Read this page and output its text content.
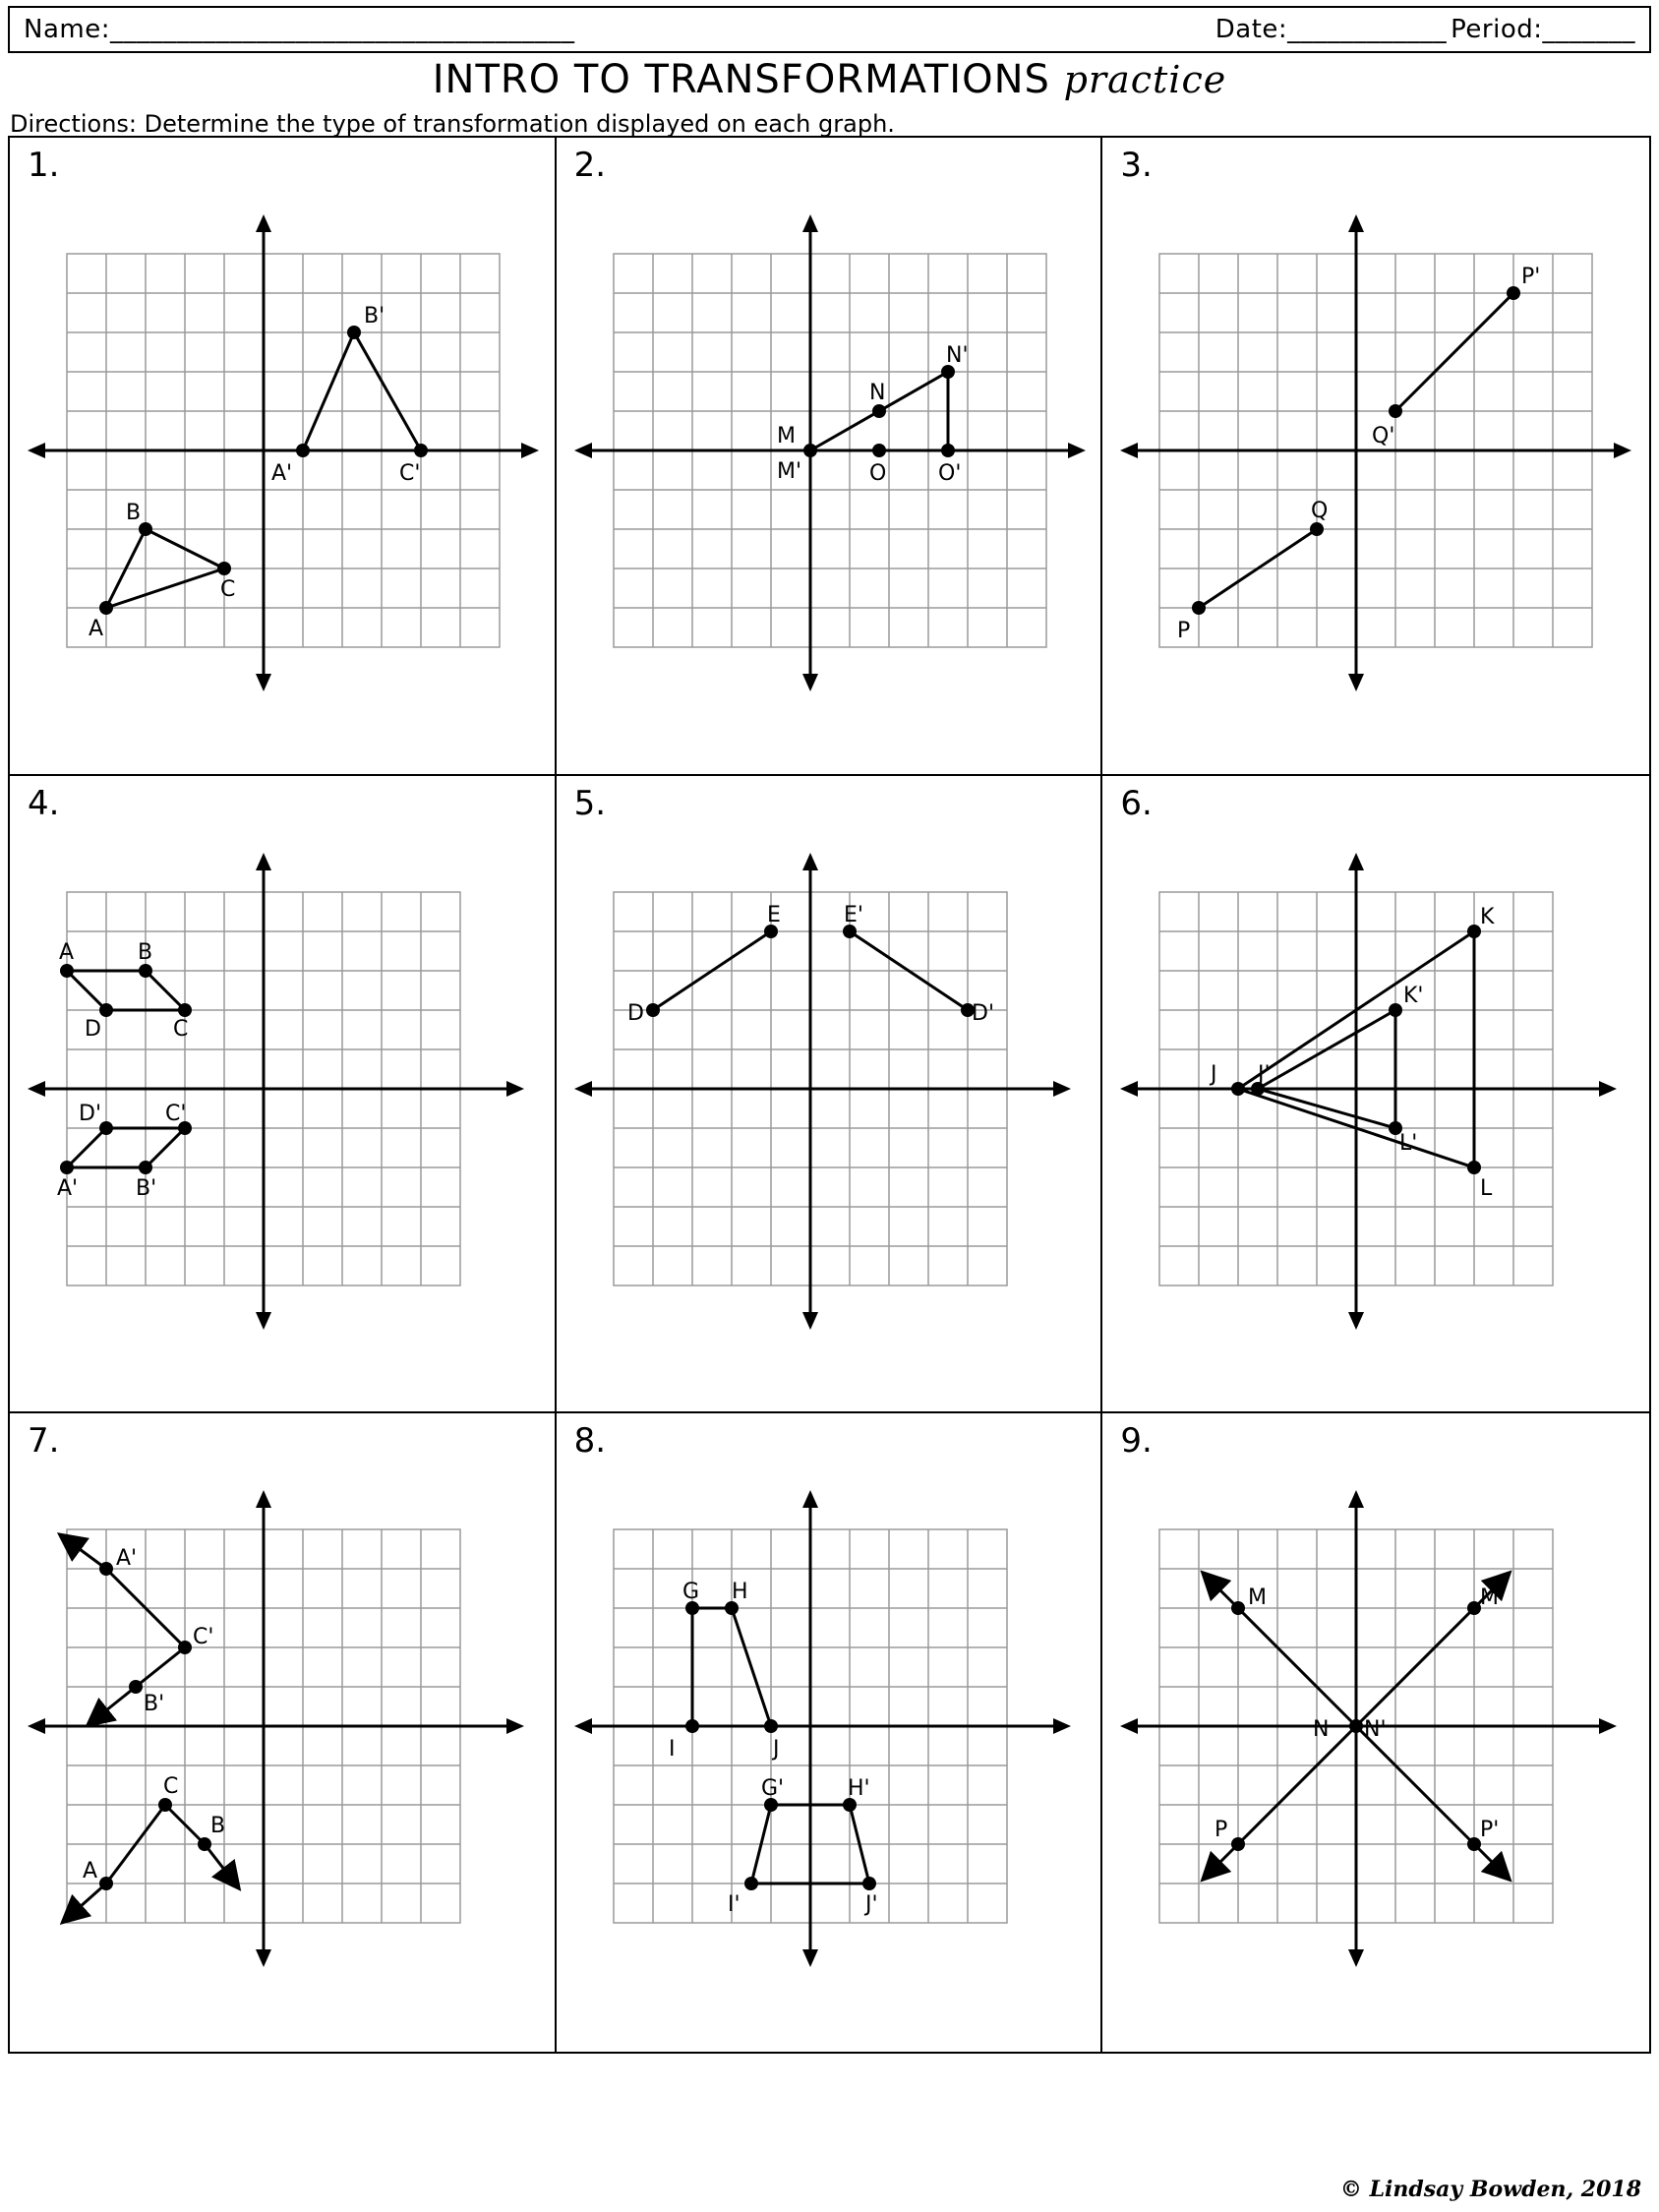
Name:___________________________________	Date:____________ Period:_______
INTRO TO TRANSFORMATIONS practice
Directions: Determine the type of transformation displayed on each graph.
1.
B'
C'
A'
B
C
A
2.
N'
N
M
M'	O O'
3.
P'
Q'
Q
P
4.
A	B
D	C
D'	C'
A'	B'
5.
E	E'
D	D'
6.
K
K'
J J'
L'
L
7.
A'
C'
B'
C
B
A
8.
G H
I	J
G'	H'
I'	J'
9.
M	M'
N N'
P	P'
© Lindsay Bowden, 2018
